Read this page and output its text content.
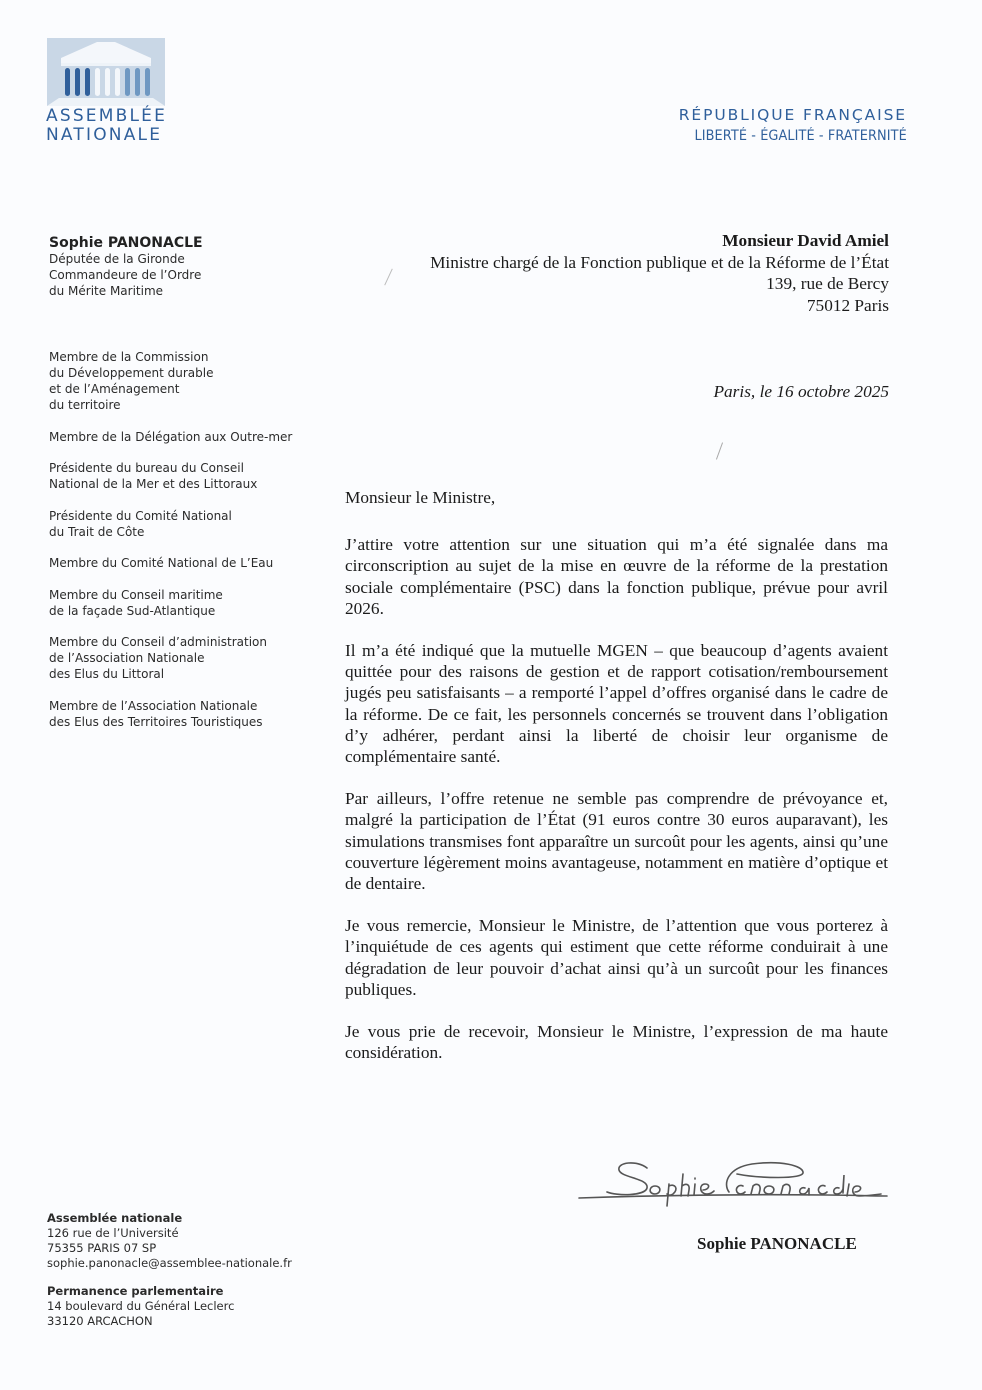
ASSEMBLÉE
NATIONALE
RÉPUBLIQUE FRANÇAISE
LIBERTÉ - ÉGALITÉ - FRATERNITÉ
Sophie PANONACLE
Députée de la Gironde
Commandeure de l’Ordre
du Mérite Maritime
Membre de la Commission
du Développement durable
et de l’Aménagement
du territoire
Membre de la Délégation aux Outre-mer
Présidente du bureau du Conseil
National de la Mer et des Littoraux
Présidente du Comité National
du Trait de Côte
Membre du Comité National de L’Eau
Membre du Conseil maritime
de la façade Sud-Atlantique
Membre du Conseil d’administration
de l’Association Nationale
des Elus du Littoral
Membre de l’Association Nationale
des Elus des Territoires Touristiques
Monsieur David Amiel
Ministre chargé de la Fonction publique et de la Réforme de l’État
139, rue de Bercy
75012 Paris
Paris, le 16 octobre 2025

Monsieur le Ministre,

J’attire votre attention sur une situation qui m’a été signalée dans ma circonscription au sujet de la mise en œuvre de la réforme de la prestation sociale complémentaire (PSC) dans la fonction publique, prévue pour avril 2026.

Il m’a été indiqué que la mutuelle MGEN – que beaucoup d’agents avaient quittée pour des raisons de gestion et de rapport cotisation/remboursement jugés peu satisfaisants – a remporté l’appel d’offres organisé dans le cadre de la réforme. De ce fait, les personnels concernés se trouvent dans l’obligation d’y adhérer, perdant ainsi la liberté de choisir leur organisme de complémentaire santé.

Par ailleurs, l’offre retenue ne semble pas comprendre de prévoyance et, malgré la participation de l’État (91 euros contre 30 euros auparavant), les simulations transmises font apparaître un surcoût pour les agents, ainsi qu’une couverture légèrement moins avantageuse, notamment en matière d’optique et de dentaire.

Je vous remercie, Monsieur le Ministre, de l’attention que vous porterez à l’inquiétude de ces agents qui estiment que cette réforme conduirait à une dégradation de leur pouvoir d’achat ainsi qu’à un surcoût pour les finances publiques.

Je vous prie de recevoir, Monsieur le Ministre, l’expression de ma haute considération.

Sophie PANONACLE
Assemblée nationale
126 rue de l’Université
75355 PARIS 07 SP
sophie.panonacle@assemblee-nationale.fr
Permanence parlementaire
14 boulevard du Général Leclerc
33120 ARCACHON
